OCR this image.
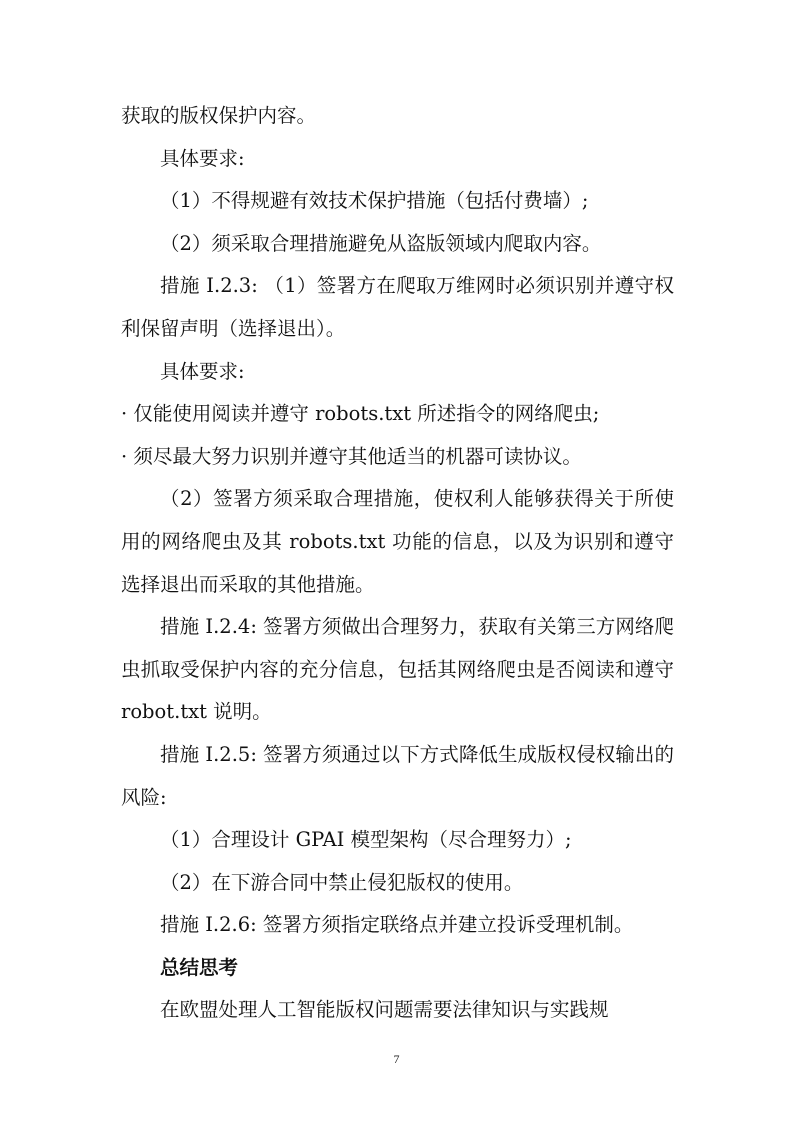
获取的版权保护内容。

具体要求:

（1）不得规避有效技术保护措施（包括付费墙）;

（2）须采取合理措施避免从盗版领域内爬取内容。

措施 I.2.3: （1）签署方在爬取万维网时必须识别并遵守权利保留声明（选择退出）。

具体要求:

· 仅能使用阅读并遵守 robots.txt 所述指令的网络爬虫;

· 须尽最大努力识别并遵守其他适当的机器可读协议。

（2）签署方须采取合理措施，使权利人能够获得关于所使用的网络爬虫及其 robots.txt 功能的信息，以及为识别和遵守选择退出而采取的其他措施。

措施 I.2.4: 签署方须做出合理努力，获取有关第三方网络爬虫抓取受保护内容的充分信息，包括其网络爬虫是否阅读和遵守 robot.txt 说明。

措施 I.2.5: 签署方须通过以下方式降低生成版权侵权输出的风险:

（1）合理设计 GPAI 模型架构（尽合理努力）;

（2）在下游合同中禁止侵犯版权的使用。

措施 I.2.6: 签署方须指定联络点并建立投诉受理机制。

总结思考

在欧盟处理人工智能版权问题需要法律知识与实践规

7
